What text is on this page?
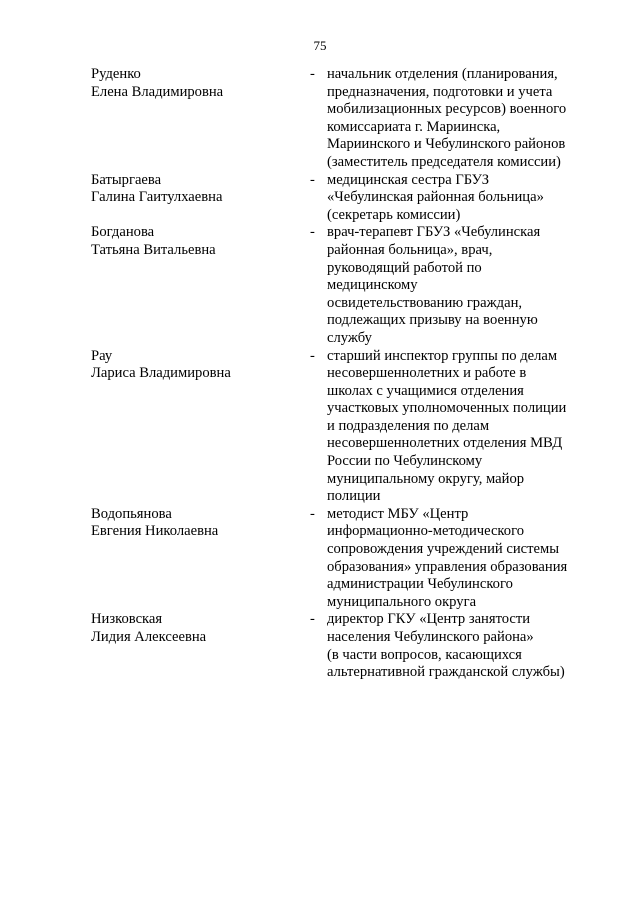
75
Руденко
Елена Владимировна
- начальник отделения (планирования,
предназначения, подготовки и учета
мобилизационных ресурсов) военного
комиссариата г. Мариинска,
Мариинского и Чебулинского районов
(заместитель председателя комиссии)
Батыргаева
Галина Гаитулхаевна
- медицинская сестра ГБУЗ
«Чебулинская районная больница»
(секретарь комиссии)
Богданова
Татьяна Витальевна
- врач-терапевт ГБУЗ «Чебулинская
районная больница», врач,
руководящий работой по
медицинскому
освидетельствованию граждан,
подлежащих призыву на военную
службу
Рау
Лариса Владимировна
- старший инспектор группы по делам
несовершеннолетних и работе в
школах с учащимися отделения
участковых уполномоченных полиции
и подразделения по делам
несовершеннолетних отделения МВД
России по Чебулинскому
муниципальному округу, майор
полиции
Водопьянова
Евгения Николаевна
- методист МБУ «Центр
информационно-методического
сопровождения учреждений системы
образования» управления образования
администрации Чебулинского
муниципального округа
Низковская
Лидия Алексеевна
- директор ГКУ «Центр занятости
населения Чебулинского района»
(в части вопросов, касающихся
альтернативной гражданской службы)
